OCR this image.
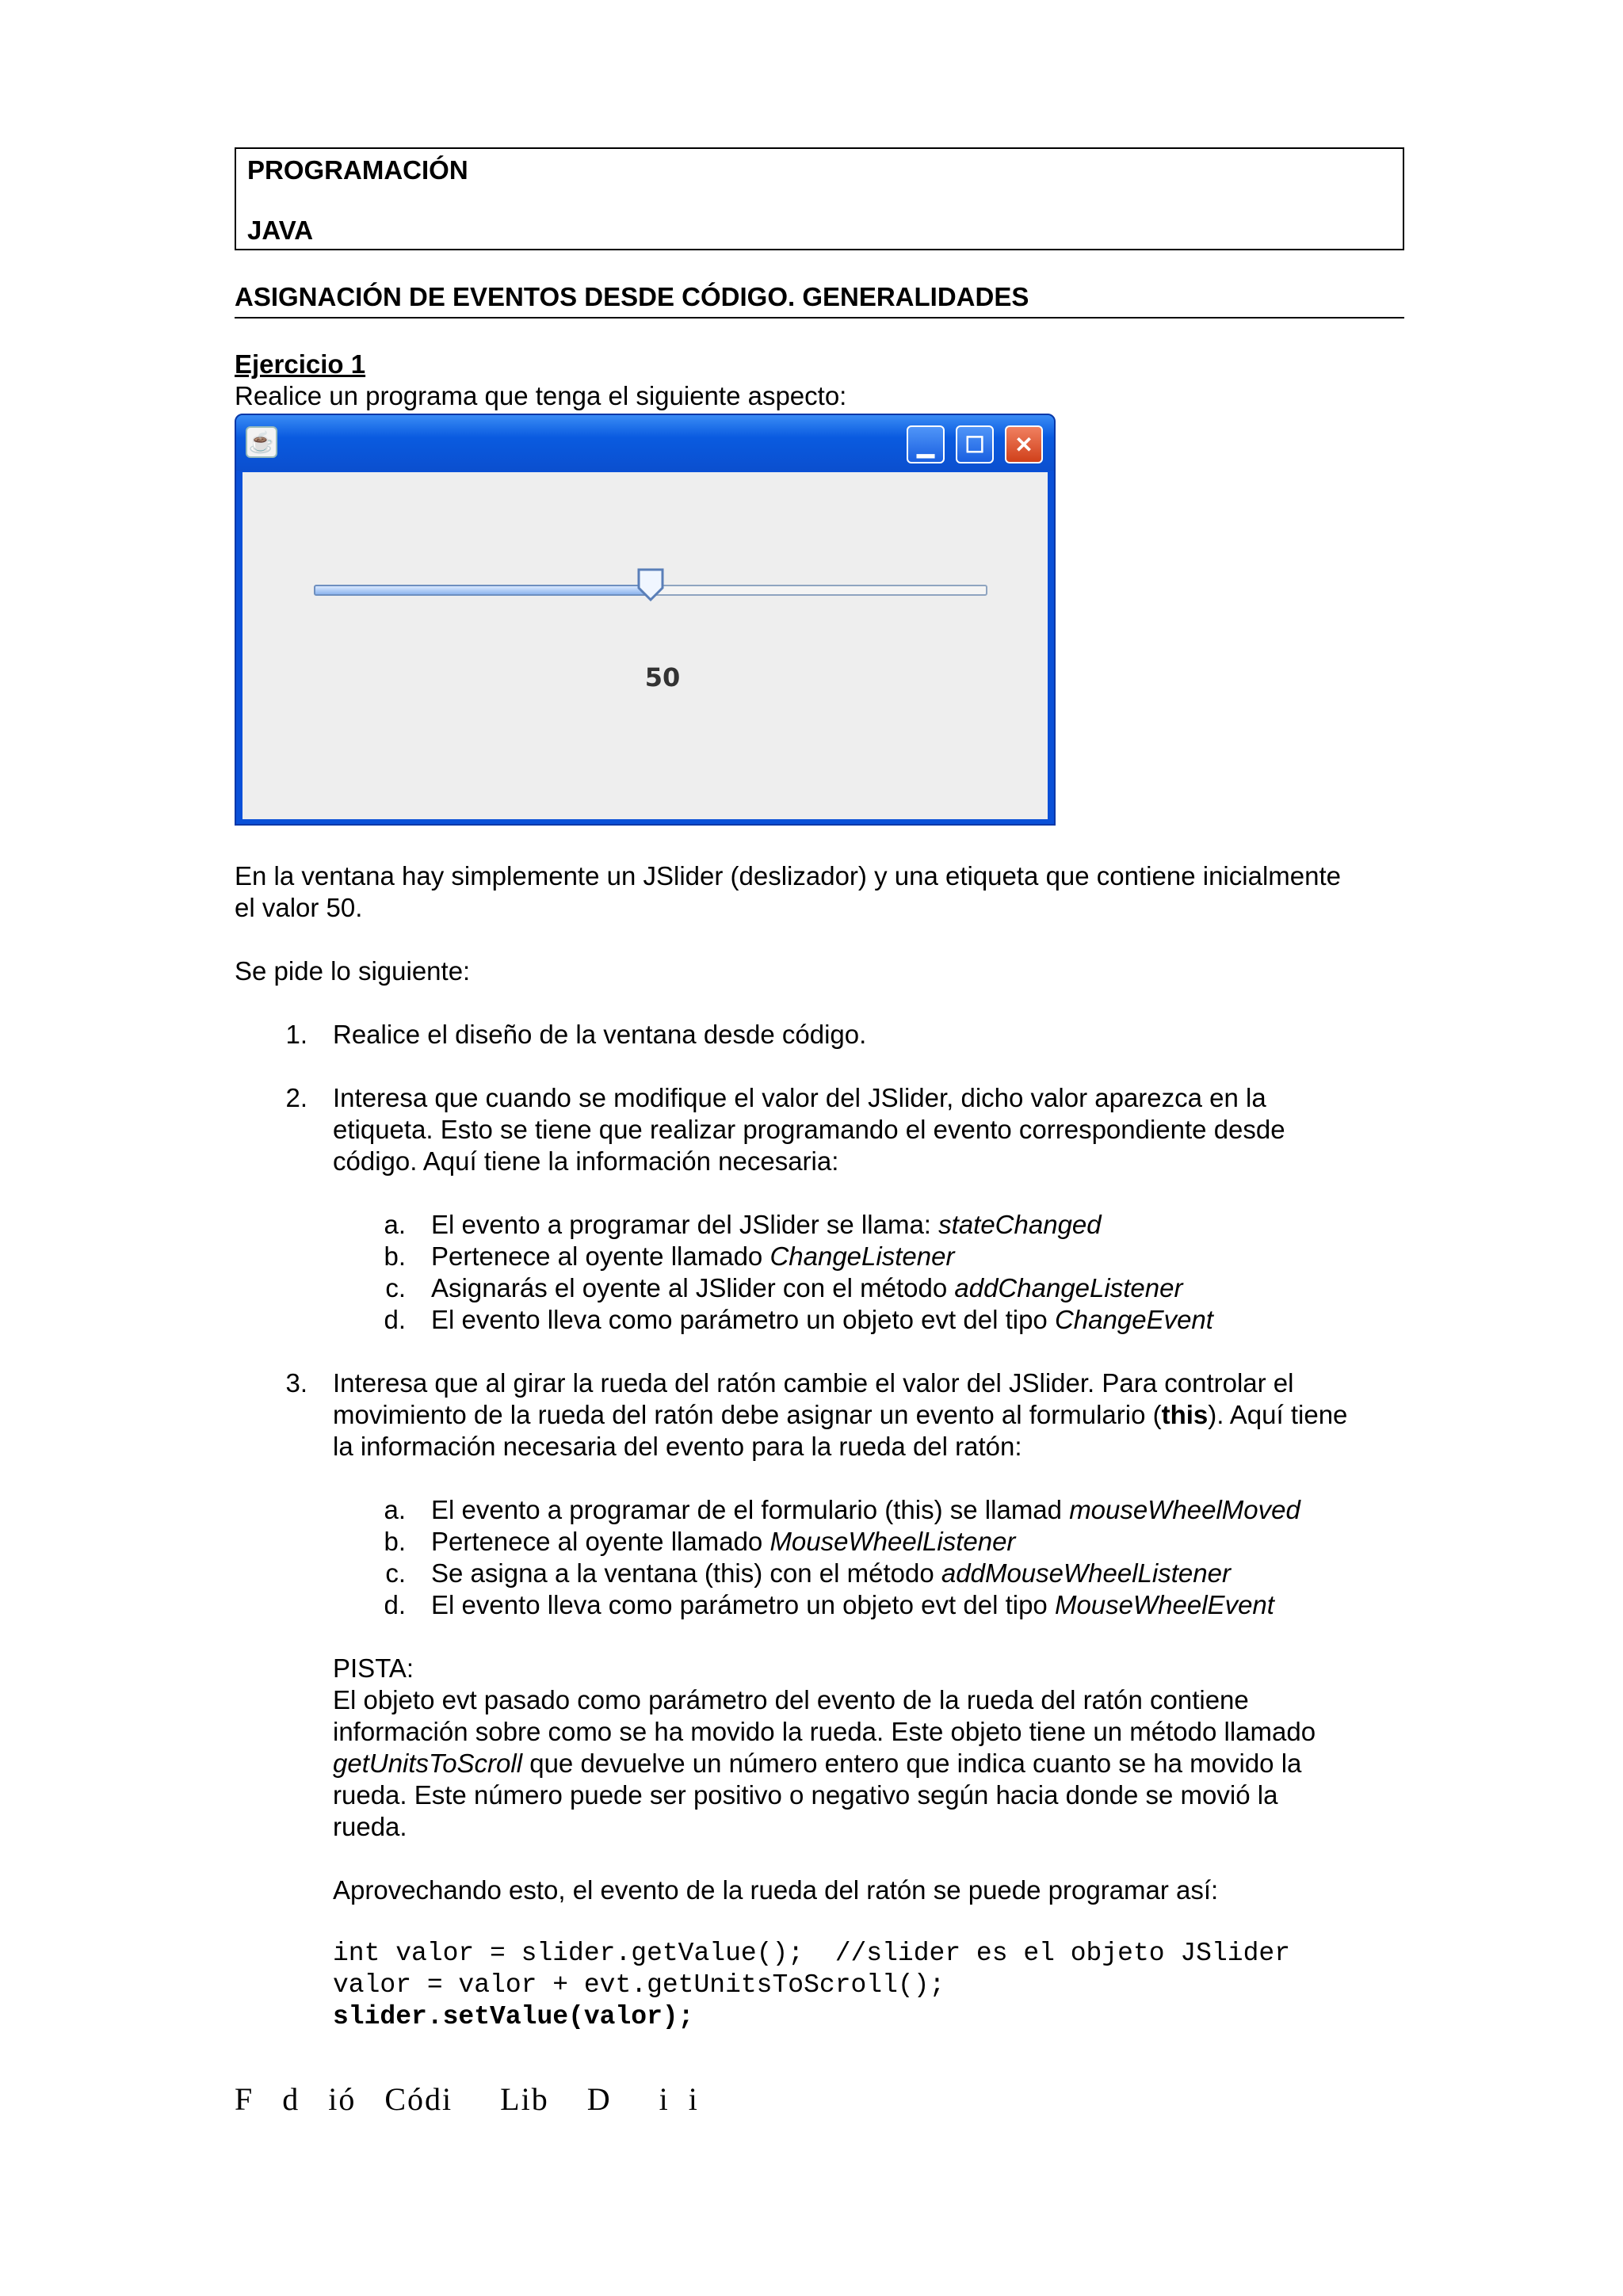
PROGRAMACIÓN
JAVA
ASIGNACIÓN DE EVENTOS DESDE CÓDIGO. GENERALIDADES
Ejercicio 1
Realice un programa que tenga el siguiente aspecto:
☕	▁	☐	✕
50
En la ventana hay simplemente un JSlider (deslizador) y una etiqueta que contiene inicialmente
el valor 50.
Se pide lo siguiente:
1. Realice el diseño de la ventana desde código.
2. Interesa que cuando se modifique el valor del JSlider, dicho valor aparezca en la
etiqueta. Esto se tiene que realizar programando el evento correspondiente desde
código. Aquí tiene la información necesaria:
a. El evento a programar del JSlider se llama: stateChanged
b. Pertenece al oyente llamado ChangeListener
c. Asignarás el oyente al JSlider con el método addChangeListener
d. El evento lleva como parámetro un objeto evt del tipo ChangeEvent
3. Interesa que al girar la rueda del ratón cambie el valor del JSlider. Para controlar el
movimiento de la rueda del ratón debe asignar un evento al formulario (this). Aquí tiene
la información necesaria del evento para la rueda del ratón:
a. El evento a programar de el formulario (this) se llamad mouseWheelMoved
b. Pertenece al oyente llamado MouseWheelListener
c. Se asigna a la ventana (this) con el método addMouseWheelListener
d. El evento lleva como parámetro un objeto evt del tipo MouseWheelEvent
PISTA:
El objeto evt pasado como parámetro del evento de la rueda del ratón contiene
información sobre como se ha movido la rueda. Este objeto tiene un método llamado
getUnitsToScroll que devuelve un número entero que indica cuanto se ha movido la
rueda. Este número puede ser positivo o negativo según hacia donde se movió la
rueda.
Aprovechando esto, el evento de la rueda del ratón se puede programar así:
int valor = slider.getValue();  //slider es el objeto JSlider
valor = valor + evt.getUnitsToScroll();
slider.setValue(valor);
F   d   ió   Códi     Lib    D     i  i
